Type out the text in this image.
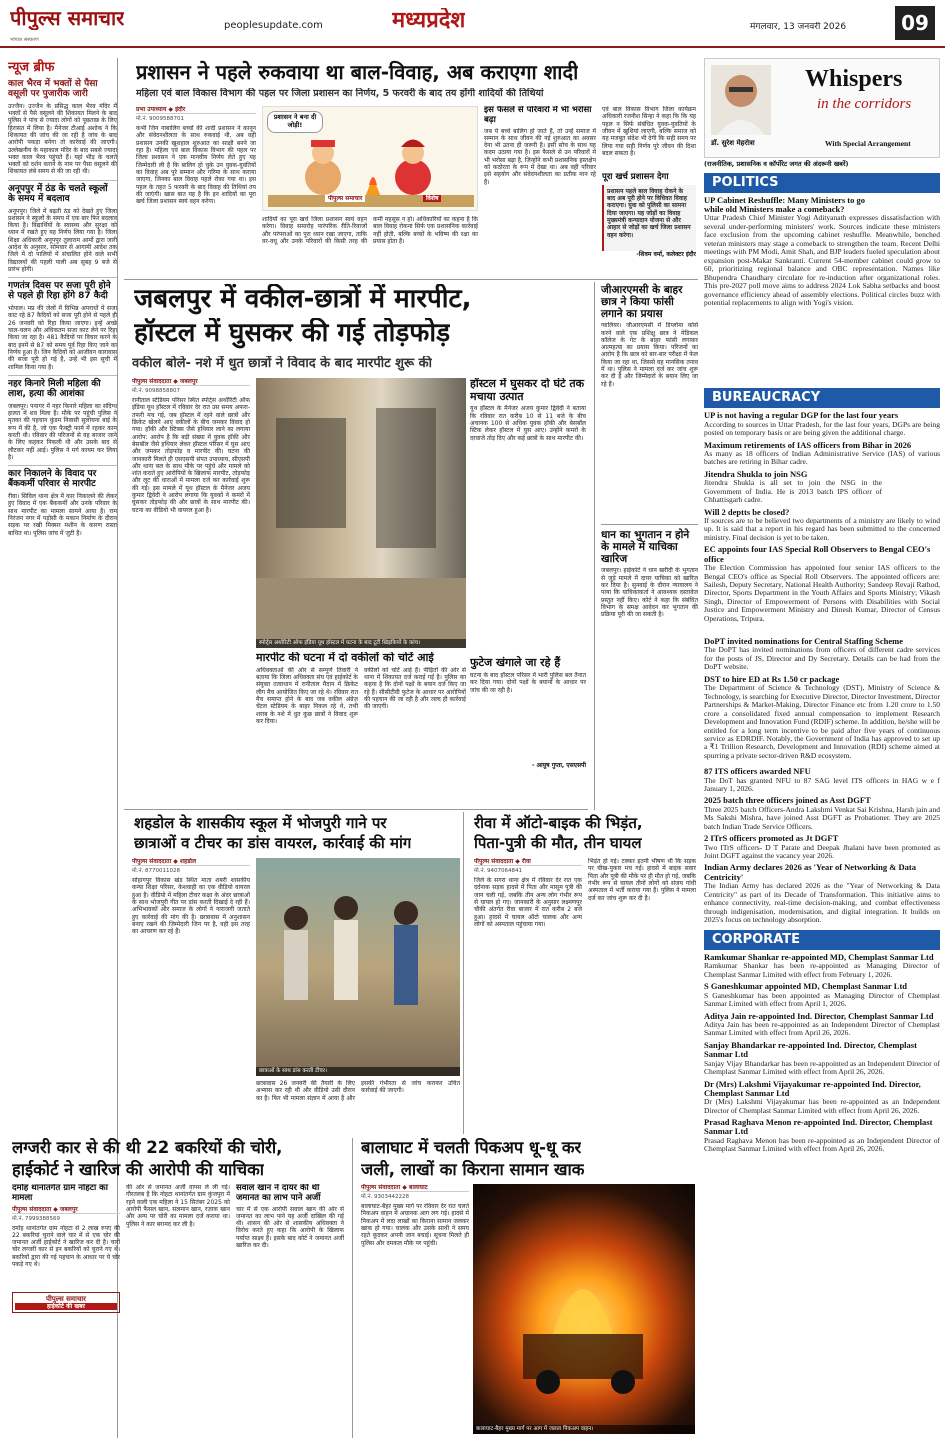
पीपुल्स समाचार	peoplesupdate.com	मध्यप्रदेश	मंगलवार, 13 जनवरी 2026	09
भोपाल संस्करण
न्यूज ब्रीफ
काल भैरव में भक्तों से पैसा वसूली पर पुजारीक जारी
उज्जैन। उज्जैन के प्रसिद्ध काल भैरव मंदिर में भक्तों से पैसे वसूलने की शिकायत मिलने के बाद पुलिस ने पांच से ज्यादा लोगों को पूछताछ के लिए हिरासत में लिया है। मैनेजर टीआई अशोक ने कि शिकायत की जांच की जा रही है जांच के बाद आरोपी पकड़ा बनेगा तो कार्रवाई की जाएगी। उल्लेखनीय के महाकाल मंदिर के बाद सबसे ज्यादा भक्त काल भैरव पहुंचते हैं। यहां भीड़ के चलते भक्तों को दर्शन कराने के नाम पर पैसा वसूलने की शिकायत लंबे समय से की जा रही थी।
अनूपपुर में ठंड के चलते स्कूलों के समय में बदलाव
अनूपपुर। जिले में बढ़ती ठंड को देखते हुए जिला प्रशासन ने स्कूलों के समय में एक बार फिर बदलाव किया है। विद्यार्थियों के स्वास्थ्य और सुरक्षा को ध्यान में रखते हुए यह निर्णय लिया गया है। जिला शिक्षा अधिकारी अनूपपुर तुलाराम आर्मो द्वारा जारी आदेश के अनुसार, सोमवार से आगामी आदेश तक जिले में दो पालियों में संचालित होने वाले सभी विद्यालयों की पहली पाली अब सुबह 9 बजे से प्रारंभ होगी।
गणतंत्र दिवस पर सजा पूरी होने से पहले ही रिहा होंगे 87 कैदी
भोपाल। मप्र की जेलों में विभिन्न अपराधों में सजा काट रहे 87 कैदियों को सजा पूरी होने से पहले ही 26 जनवरी को रिहा किया जाएगा। इन्हें अच्छे चाल-चलन और अधिकतम सजा काट लेने पर रिहा किया जा रहा है। 481 कैदियों पर विचार करने के बाद इनमें से 87 को समय पूर्व रिहा किए जाने का निर्णय हुआ है। जिन कैदियों को आजीवन कारावास की सजा पूरी हो गई है, उन्हें भी इस सूची में शामिल किया गया है।
नहर किनारे मिली महिला की लाश, हत्या की आशंका
जबलपुर। पनागर में नहर किनारे महिला का संदिग्ध हालत में शव मिला है। मौके पर पहुंची पुलिस ने मृतका की पहचान कुंडम निवासी सुलोचना बाई के रूप में की है, जो एक फैक्ट्री फार्म में रहकर काम करती थी। रविवार की परिजनों से वह बाजार जाने के लिए कहकर निकली थी और उसके बाद से लौटकर नहीं आई। पुलिस ने मर्ग कायम कर लिया है।
कार निकालने के विवाद पर बैंककर्मी परिवार से मारपीट
रीवा। सिविल थाना क्षेत्र में कार निकालने की लेकर हुए विवाद में एक बैंककर्मी और उनके परिवार के साथ मारपीट का मामला सामने आया है। राम निरंजन नगर में पड़ोसी के मकान निर्माण के दौरान सड़क पर रखी मिक्सर मशीन के कारण रास्ता बाधित था। पुलिस जांच में जुटी है।
प्रशासन ने पहले रुकवाया था बाल-विवाह, अब कराएगा शादी
महिला एवं बाल विकास विभाग की पहल पर जिला प्रशासन का निर्णय, 5 फरवरी के बाद तय होंगी शादियों की तिथियां
प्रभा उपाध्याय ◆ इंदौर
मो.नं. 9009588701
कभी जिन नाबालिग बच्चों की शादी प्रशासन ने कानून और संवेदनशीलता के साथ रुकवाई थी, अब वही प्रशासन उनकी खुशहाल शुरुआत का साक्षी बनने जा रहा है। महिला एवं बाल विकास विभाग की पहल पर जिला प्रशासन ने एक मानवीय निर्णय लेते हुए यह जिम्मेदारी ली है कि बालिग हो चुके उन युवक-युवतियों का विवाह अब पूरे सम्मान और गरिमा के साथ कराया जाएगा, जिनका बाल विवाह पहले रोका गया था। इस पहल के तहत 5 फरवरी के बाद विवाह की तिथियां तय की जाएंगी। खास बात यह है कि इन शादियों का पूरा खर्च जिला प्रशासन स्वयं वहन करेगा।
प्रशासन ने बना दी जोड़ी!
पीपुल्स समाचार	विशेष
शादियों का पूरा खर्च जिला प्रशासन स्वयं वहन करेगा। विवाह समारोह पारंपरिक रीति-रिवाजों और परंपराओं का पूरा ध्यान रखा जाएगा, ताकि वर-वधू और उनके परिवारों की किसी तरह की कमी महसूस न हो। अधिकारियों का कहना है कि बाल विवाह रोकना सिर्फ एक प्रशासनिक कार्रवाई नहीं होती, बल्कि बच्चों के भविष्य की रक्षा का प्रयास होता है।
इस फैसले से परिवारों में भी भरोसा बढ़ा
जब ये बच्चे बालिग हो जाते हैं, तो उन्हें समाज में सम्मान के साथ जीवन की नई शुरुआत का अवसर देना भी उतना ही जरूरी है। इसी सोच के साथ यह कदम उठाया गया है। इस फैसले से उन परिवारों में भी भरोसा बढ़ा है, जिन्होंने कभी प्रशासनिक हस्तक्षेप को कठोरता के रूप में देखा था। अब वही परिवार इसे सहयोग और संवेदनशीलता का प्रतीक मान रहे हैं।
एवं बाल विकास विभाग जिला कार्यक्रम अधिकारी रजनीश सिन्हा ने कहा कि कि यह पहल न सिर्फ संबंधित युवक-युवतियों के जीवन में खुशियां लाएगी, बल्कि समाज को यह मजबूत संदेश भी देगी कि सही समय पर लिया गया सही निर्णय पूरे जीवन की दिशा बदल सकता है।
पूरा खर्च प्रशासन देगा
प्रशासन पहले बाल विवाह रोकने के बाद अब पूरी होने पर विधिवत विवाह कराएगा। युवा को पुलिसी का सामना दिया जाएगा। यह जोड़ों का विवाह मुख्यमंत्री कन्यादान योजना से और आहार से जोड़ों का खर्च जिला प्रशासन वहन करेगा।
-शिवम वर्मा, कलेक्टर इंदौर
जबलपुर में वकील-छात्रों में मारपीट,
हॉस्टल में घुसकर की गई तोड़फोड़
वकील बोले- नशे में धुत छात्रों ने विवाद के बाद मारपीट शुरू की
पीपुल्स संवाददाता ◆ जबलपुर
मो.नं. 9098858807
रानीताल स्टेडियम परिसर स्थित स्पोर्ट्स अथॉरिटी ऑफ इंडिया यूथ हॉस्टल में रविवार देर रात उस समय अफरा-तफरी मच गई, जब हॉस्टल में रहने वाले छात्रों और क्रिकेट खेलने आए वकीलों के बीच जमकर विवाद हो गया। हॉकी और स्टिक्स जैसे हथियार लाने का लगाया आरोप: आरोप है कि बड़ी संख्या में युवक हॉकी और बेसबॉल जैसे हथियार लेकर हॉस्टल परिसर में घुस आए और जमकर तोड़फोड़ व मारपीट की। घटना की जानकारी मिलते ही एसएसपी संपत उपाध्याय, सीएसपी और थाना बल के साथ मौके पर पहुंचे और मामले को शांत कराते हुए आरोपियों के खिलाफ मारपीट, तोड़फोड़ और लूट की धाराओं में मामला दर्ज कर कार्रवाई शुरू की गई। इस मामले में यूथ हॉस्टल के मैनेजर अजय कुमार द्विवेदी ने आरोप लगाया कि युवकों ने कमरों में घुसकर तोड़फोड़ की और छात्रों के साथ मारपीट की। घटना का वीडियो भी वायरल हुआ है।
स्पोर्ट्स अथॉरिटी ऑफ इंडिया यूथ हॉस्टल में घटना के बाद टूटी खिड़कियों के कांच।
हॉस्टल में घुसकर दो घंटे तक मचाया उत्पात
यूथ हॉस्टल के मैनेजर अजय कुमार द्विवेदी ने बताया कि रविवार रात करीब 10 से 11 बजे के बीच अचानक 100 से अधिक युवक हॉकी और बेसबॉल स्टिक लेकर हॉस्टल में घुस आए। उन्होंने कमरों के दरवाजे तोड़ दिए और कई छात्रों के साथ मारपीट की।
फुटेज खंगाले जा रहे हैं
घटना के बाद हॉस्टल परिसर में भारी पुलिस बल तैनात कर दिया गया। दोनों पक्षों के बयानों के आधार पर जांच की जा रही है।
- आयुष गुप्ता, एसएसपी
मारपीट की घटना में दो वकीलों को चोटें आई
अधिवक्ताओं की ओर से सम्पूर्ण तिवारी ने बताया कि जिला अधिवक्ता संघ एवं हाईकोर्ट के संयुक्त तत्वाधान में रानीताल मैदान में क्रिकेट लीग मैच आयोजित किए जा रहे थे। रविवार रात मैच समाप्त होने के बाद जब वकील अंग्रेज़ चेंटल स्टेडियम के बाहर निकल रहे थे, तभी शराब के नशे में धुत कुछ छात्रों ने विवाद शुरू कर दिया।
वकीलों को चोटें आई हैं। पीड़ितों की ओर से थाना में शिकायत दर्ज कराई गई है। पुलिस का कहना है कि दोनों पक्षों के बयान दर्ज किए जा रहे हैं। सीसीटीवी फुटेज के आधार पर आरोपियों की पहचान की जा रही है और जल्द ही कार्रवाई की जाएगी।
जीआरएमसी के बाहर छात्र ने किया फांसी लगाने का प्रयास
ग्वालियर। जीआरएमसी में डिप्लोमा कोर्स करने वाले एक प्रशिक्षु छात्र ने मेडिकल कॉलेज के गेट के बाहर फांसी लगाकर आत्महत्या का प्रयास किया। परिजनों का आरोप है कि छात्र को बार-बार परीक्षा में फेल किया जा रहा था, जिससे वह मानसिक तनाव में था। पुलिस ने मामला दर्ज कर जांच शुरू कर दी है और जिम्मेदारों के बयान लिए जा रहे हैं।
धान का भुगतान न होने के मामले में याचिका खारिज
जबलपुर। हाईकोर्ट ने धान खरीदी के भुगतान से जुड़े मामले में दायर याचिका को खारिज कर दिया है। सुनवाई के दौरान न्यायालय ने पाया कि याचिकाकर्ता ने आवश्यक दस्तावेज प्रस्तुत नहीं किए। कोर्ट ने कहा कि संबंधित विभाग के समक्ष आवेदन कर भुगतान की प्रक्रिया पूरी की जा सकती है।
शहडोल के शासकीय स्कूल में भोजपुरी गाने पर
छात्राओं व टीचर का डांस वायरल, कार्रवाई की मांग
पीपुल्स संवाददाता ◆ शहडोल
मो.नं. 8770011028
सोहागपुर विकास खंड स्थित माता शबरी शासकीय कन्या शिक्षा परिसर, केशवाही का एक वीडियो वायरल हुआ है। वीडियो में महिला टीचर कक्षा के अंदर छात्राओं के साथ भोजपुरी गीत पर डांस करती दिखाई दे रही हैं। अभिभावकों और समाज के लोगों ने नाराजगी जताते हुए कार्रवाई की मांग की है। छात्रावास में अनुशासन बनाए रखने की जिम्मेदारी जिन पर है, वही इस तरह का आचरण कर रहे हैं।
छात्राओं के साथ डांस करती टीचर।
छात्रावास 26 जनवरी की तैयारी के लिए अभ्यास कर रही थी और वीडियो उसी दौरान का है। फिर भी मामला संज्ञान में आया है और इसकी गंभीरता से जांच कराकर उचित कार्रवाई की जाएगी।
रीवा में ऑटो-बाइक की भिड़ंत,
पिता-पुत्री की मौत, तीन घायल
पीपुल्स संवाददाता ◆ रीवा
मो.नं. 9407064841
जिले के सगरा थाना क्षेत्र में रविवार देर रात एक दर्दनाक सड़क हादसे में पिता और मासूम पुत्री की जान चली गई, जबकि तीन अन्य लोग गंभीर रूप से घायल हो गए। जानकारी के अनुसार लक्ष्मणपुर चौकी अंतर्गत रीवा बाजार में रात करीब 2 बजे हुआ। हादसे में घायल ऑटो चालक और अन्य लोगों को अस्पताल पहुंचाया गया।
भिड़ंत हो गई। टक्कर इतनी भीषण थी कि सड़क पर चीख-पुकार मच गई। हादसे में बाइक सवार पिता और पुत्री की मौके पर ही मौत हो गई, जबकि गंभीर रूप से घायल तीनों लोगों को संजय गांधी अस्पताल में भर्ती कराया गया है। पुलिस ने मामला दर्ज कर जांच शुरू कर दी है।
लग्जरी कार से की थी 22 बकरियों की चोरी,
हाईकोर्ट ने खारिज की आरोपी की याचिका
दमोह थानांतर्गत ग्राम नोहटा का मामला
पीपुल्स संवाददाता ◆ जबलपुर
मो.नं. 7999388569
दमोह थानांतर्गत ग्राम नोहटा से 2 लाख रुपए की 22 बकरियां चुराने वाले चार में से एक चोर की जमानत अर्जी हाईकोर्ट ने खारिज कर दी है। चारों चोर लग्जरी कार से इन बकरियों को चुराने गए थे। बकरियों द्वारा की गई पहचान के आधार पर ये चोर पकड़े गए थे।
पीपुल्स समाचार
हाईकोर्ट की खबर
की ओर से जमानत अर्जी वापस ले ली गई। गौरतलब है कि नोहटा थानांतर्गत ग्राम कुंजपुरा में रहने वाली एक महिला ने 15 सितंबर 2025 को आरोपी फैसल खान, सलमान खान, रज़ाक खान और अन्य पर चोरी का मामला दर्ज कराया था। पुलिस ने कार बरामद कर ली है।
सवाल खान ने दायर की थी जमानत का लाभ पाने अर्जी
चार में से एक आरोपी सवाल खान की ओर से जमानत का लाभ पाने यह अर्जी दाखिल की गई थी। शासन की ओर से शासकीय अधिवक्ता ने विरोध करते हुए कहा कि आरोपी के खिलाफ पर्याप्त साक्ष्य हैं। इसके बाद कोर्ट ने जमानत अर्जी खारिज कर दी।
बालाघाट में चलती पिकअप धू-धू कर
जली, लाखों का किराना सामान खाक
पीपुल्स संवाददाता ◆ बालाघाट
मो.नं. 9303442228
बालाघाट-बैहर मुख्य मार्ग पर रविवार देर रात चलते पिकअप वाहन में अचानक आग लग गई। हादसे में पिकअप में लदा लाखों का किराना सामान जलकर खाक हो गया। चालक और उसके साथी ने समय रहते कूदकर अपनी जान बचाई। सूचना मिलते ही पुलिस और दमकल मौके पर पहुंची।
बालाघाट-बैहर मुख्य मार्ग पर आग में जलता पिकअप वाहन।
Whispers
in the corridors
डॉ. सुरेश मेहरोत्रा	With Special Arrangement
(राजनीतिक, प्रशासनिक व कॉर्पोरेट जगत की अंदरूनी खबरें)
POLITICS
UP Cabinet Reshuffle: Many Ministers to go while old Ministers make a comeback?
Uttar Pradesh Chief Minister Yogi Adityanath expresses dissatisfaction with several under-performing ministers' work. Sources indicate these ministers face exclusion from the upcoming cabinet reshuffle. Meanwhile, benched veteran ministers may stage a comeback to strengthen the team. Recent Delhi meetings with PM Modi, Amit Shah, and BJP leaders fueled speculation about expansion post-Makar Sankranti. Current 54-member cabinet could grow to 60, prioritizing regional balance and OBC representation. Names like Bhupendra Chaudhary circulate for re-induction after organizational roles. This pre-2027 poll move aims to address 2024 Lok Sabha setbacks and boost governance efficiency ahead of assembly elections. Political circles buzz with potential replacements to align with Yogi's vision.
BUREAUCRACY
UP is not having a regular DGP for the last four years
According to sources in Uttar Pradesh, for the last four years, DGPs are being posted on temporary basis or are being given the additional charge.
Maximum retirements of IAS officers from Bihar in 2026
As many as 18 officers of Indian Administrative Service (IAS) of various batches are retiring in Bihar cadre.
Jitendra Shukla to join NSG
Jitendra Shukla is all set to join the NSG in the Government of India. He is 2013 batch IPS officer of Chhattisgarh cadre.
Will 2 deptts be closed?
If sources are to be believed two departments of a ministry are likely to wind up. It is said that a report in his regard has been submitted to the concerned ministry. Final decision is yet to be taken.
EC appoints four IAS Special Roll Observers to Bengal CEO's office
The Election Commission has appointed four senior IAS officers to the Bengal CEO's office as Special Roll Observers. The appointed officers are: Sailesh, Deputy Secretary, National Health Authority; Sandeep Revaji Rathod, Director, Sports Department in the Youth Affairs and Sports Ministry; Vikash Singh, Director of Empowerment of Persons with Disabilities with Social Justice and Empowerment Ministry and Dinesh Kumar, Director of Census Operations, Tripura.
DoPT invited nominations for Central Staffing Scheme
The DoPT has invited nominations from officers of different cadre services for the posts of JS, Director and Dy Secretary. Details can be had from the DoPT website.
DST to hire ED at Rs 1.50 cr package
The Department of Science & Technology (DST), Ministry of Science & Technology, is searching for Executive Director, Director Investment, Director Partnerships & Market-Making, Director Finance etc from 1.20 crore to 1.50 crore a consolidated fixed annual compensation to implement Research Development and Innovation Fund (RDIF) scheme. In addition, he/she will be entitled for a long term incentive to be paid after five years of continuous service as EDRDIF. Notably, the Government of India has approved to set up a ₹1 Trillion Research, Development and Innovation (RDI) scheme aimed at spurring a private sector-driven R&D ecosystem.
87 ITS officers awarded NFU
The DoT has granted NFU to 87 SAG level ITS officers in HAG w e f January 1, 2026.
2025 batch three officers joined as Asst DGFT
Three 2025 batch Officers-Andra Lakshmi Venkat Sai Krishna, Harsh jain and Ms Sakshi Mishra, have joined Asst DGFT as Probationer. They are 2025 batch Indian Trade Service Officers.
2 ITrS officers promoted as Jt DGFT
Two ITrS officers- D T Parate and Deepak Jhalani have been promoted as Joint DGFT against the vacancy year 2026.
Indian Army declares 2026 as 'Year of Networking & Data Centricity'
The Indian Army has declared 2026 as the "Year of Networking & Data Centricity" as part of its Decade of Transformation. This initiative aims to enhance connectivity, real-time decision-making, and combat effectiveness through indigenisation, modernisation, and digital integration. It builds on 2025's focus on technology absorption.
CORPORATE
Ramkumar Shankar re-appointed MD, Chemplast Sanmar Ltd
Ramkumar Shankar has been re-appointed as Managing Director of Chemplast Sanmar Limited with effect from February 1, 2026.
S Ganeshkumar appointed MD, Chemplast Sanmar Ltd
S Ganeshkumar has been appointed as Managing Director of Chemplast Sanmar Limited with effect from April 1, 2026.
Aditya Jain re-appointed Ind. Director, Chemplast Sanmar Ltd
Aditya Jain has been re-appointed as an Independent Director of Chemplast Sanmar Limited with effect from April 26, 2026.
Sanjay Bhandarkar re-appointed Ind. Director, Chemplast Sanmar Ltd
Sanjay Vijay Bhandarkar has been re-appointed as an Independent Director of Chemplast Sanmar Limited with effect from April 26, 2026.
Dr (Mrs) Lakshmi Vijayakumar re-appointed Ind. Director, Chemplast Sanmar Ltd
Dr (Mrs) Lakshmi Vijayakumar has been re-appointed as an Independent Director of Chemplast Sanmar Limited with effect from April 26, 2026.
Prasad Raghava Menon re-appointed Ind. Director, Chemplast Sanmar Ltd
Prasad Raghava Menon has been re-appointed as an Independent Director of Chemplast Sanmar Limited with effect from April 26, 2026.
